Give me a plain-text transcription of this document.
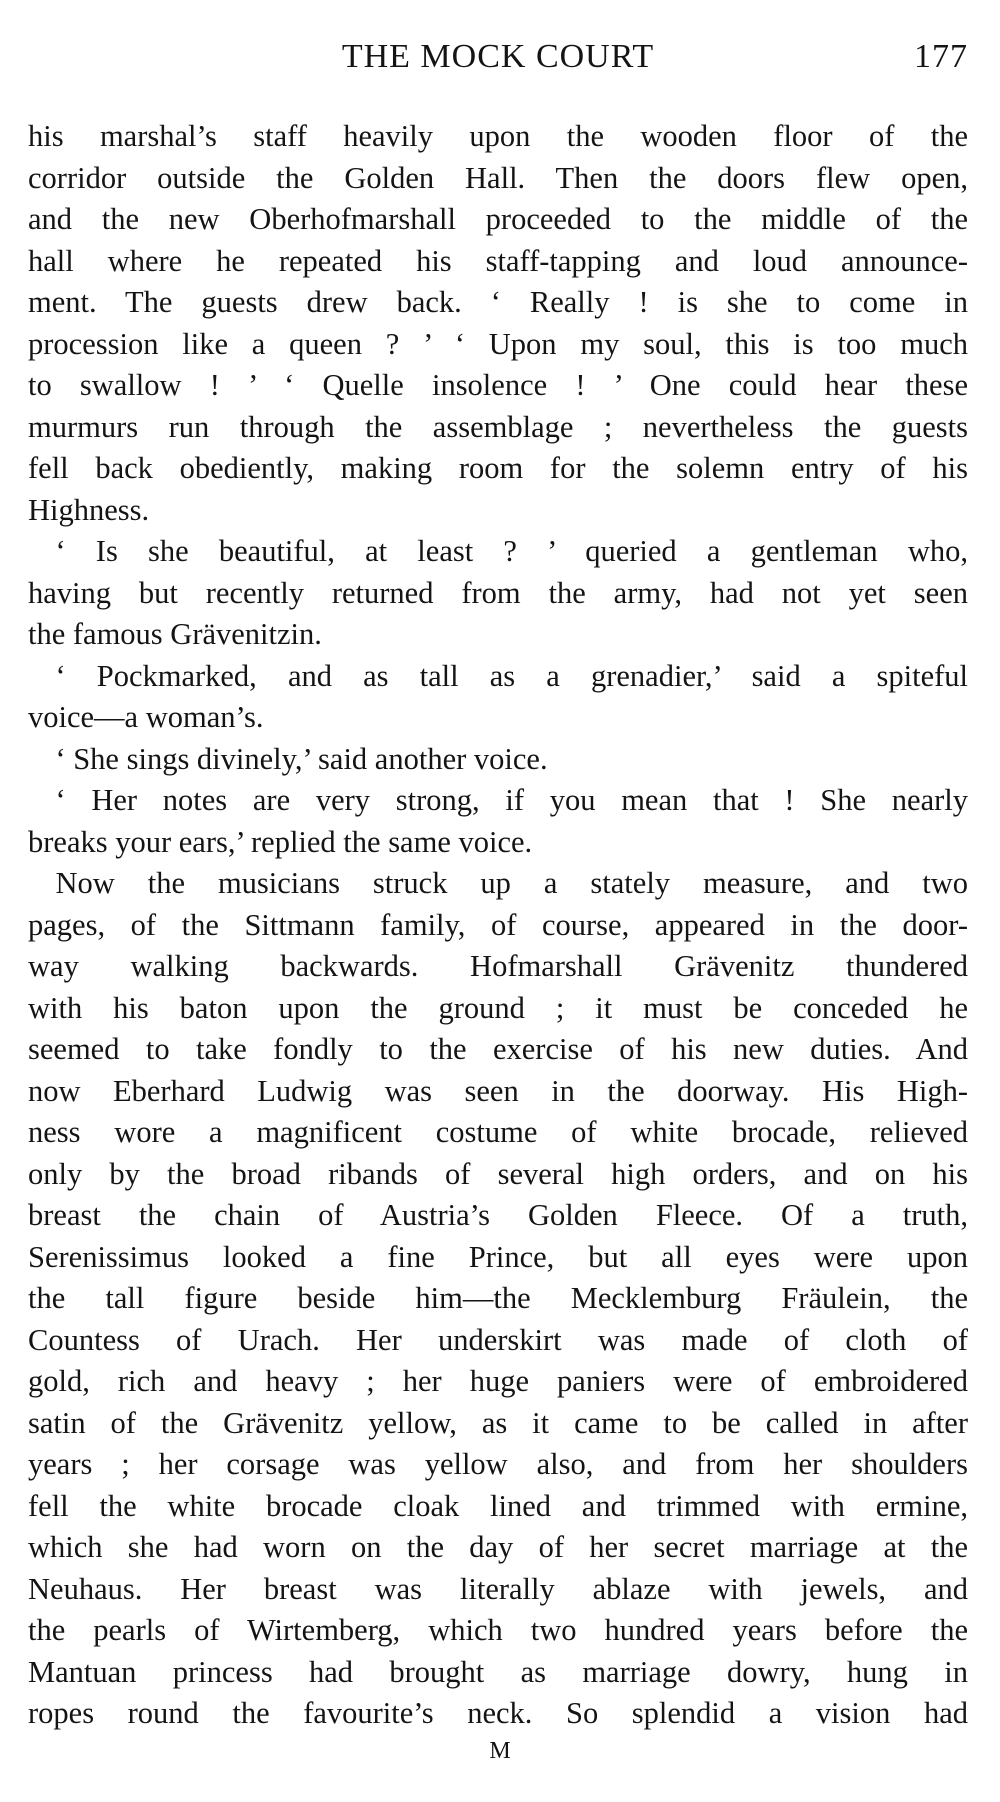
THE MOCK COURT	177
his marshal’s staff heavily upon the wooden floor of the
corridor outside the Golden Hall. Then the doors flew open,
and the new Oberhofmarshall proceeded to the middle of the
hall where he repeated his staff-tapping and loud announce-
ment. The guests drew back. ‘ Really ! is she to come in
procession like a queen ? ’ ‘ Upon my soul, this is too much
to swallow ! ’ ‘ Quelle insolence ! ’ One could hear these
murmurs run through the assemblage ; nevertheless the guests
fell back obediently, making room for the solemn entry of his
Highness.
‘ Is she beautiful, at least ? ’ queried a gentleman who,
having but recently returned from the army, had not yet seen
the famous Grävenitzin.
‘ Pockmarked, and as tall as a grenadier,’ said a spiteful
voice—a woman’s.
‘ She sings divinely,’ said another voice.
‘ Her notes are very strong, if you mean that ! She nearly
breaks your ears,’ replied the same voice.
Now the musicians struck up a stately measure, and two
pages, of the Sittmann family, of course, appeared in the door-
way walking backwards. Hofmarshall Grävenitz thundered
with his baton upon the ground ; it must be conceded he
seemed to take fondly to the exercise of his new duties. And
now Eberhard Ludwig was seen in the doorway. His High-
ness wore a magnificent costume of white brocade, relieved
only by the broad ribands of several high orders, and on his
breast the chain of Austria’s Golden Fleece. Of a truth,
Serenissimus looked a fine Prince, but all eyes were upon
the tall figure beside him—the Mecklemburg Fräulein, the
Countess of Urach. Her underskirt was made of cloth of
gold, rich and heavy ; her huge paniers were of embroidered
satin of the Grävenitz yellow, as it came to be called in after
years ; her corsage was yellow also, and from her shoulders
fell the white brocade cloak lined and trimmed with ermine,
which she had worn on the day of her secret marriage at the
Neuhaus. Her breast was literally ablaze with jewels, and
the pearls of Wirtemberg, which two hundred years before the
Mantuan princess had brought as marriage dowry, hung in
ropes round the favourite’s neck. So splendid a vision had
M
